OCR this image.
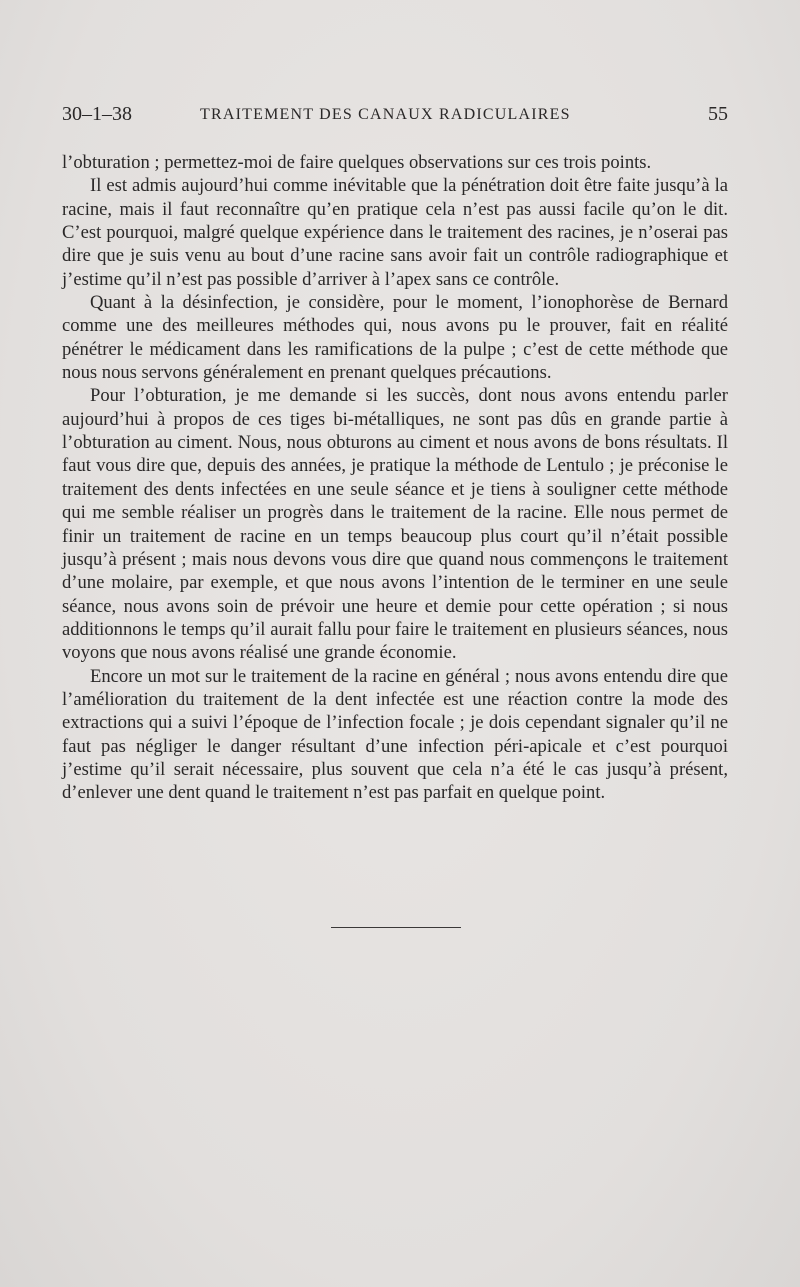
30–1–38	TRAITEMENT DES CANAUX RADICULAIRES	55

l’obturation ; permettez-moi de faire quelques observations sur ces trois points.

Il est admis aujourd’hui comme inévitable que la pénétration doit être faite jusqu’à la racine, mais il faut reconnaître qu’en pratique cela n’est pas aussi facile qu’on le dit. C’est pourquoi, malgré quelque expérience dans le traitement des racines, je n’oserai pas dire que je suis venu au bout d’une racine sans avoir fait un contrôle radiographique et j’estime qu’il n’est pas possible d’arriver à l’apex sans ce contrôle.

Quant à la désinfection, je considère, pour le moment, l’ionophorèse de Bernard comme une des meilleures méthodes qui, nous avons pu le prouver, fait en réalité pénétrer le médicament dans les ramifications de la pulpe ; c’est de cette méthode que nous nous servons généralement en prenant quelques précautions.

Pour l’obturation, je me demande si les succès, dont nous avons entendu parler aujourd’hui à propos de ces tiges bi-métalliques, ne sont pas dûs en grande partie à l’obturation au ciment. Nous, nous obturons au ciment et nous avons de bons résultats. Il faut vous dire que, depuis des années, je pratique la méthode de Lentulo ; je préconise le traitement des dents infectées en une seule séance et je tiens à souligner cette méthode qui me semble réaliser un progrès dans le traitement de la racine. Elle nous permet de finir un traitement de racine en un temps beaucoup plus court qu’il n’était possible jusqu’à présent ; mais nous devons vous dire que quand nous commençons le traitement d’une molaire, par exemple, et que nous avons l’intention de le terminer en une seule séance, nous avons soin de prévoir une heure et demie pour cette opération ; si nous additionnons le temps qu’il aurait fallu pour faire le traitement en plusieurs séances, nous voyons que nous avons réalisé une grande économie.

Encore un mot sur le traitement de la racine en général ; nous avons entendu dire que l’amélioration du traitement de la dent infectée est une réaction contre la mode des extractions qui a suivi l’époque de l’infection focale ; je dois cependant signaler qu’il ne faut pas négliger le danger résultant d’une infection péri-apicale et c’est pourquoi j’estime qu’il serait nécessaire, plus souvent que cela n’a été le cas jusqu’à présent, d’enlever une dent quand le traitement n’est pas parfait en quelque point.
